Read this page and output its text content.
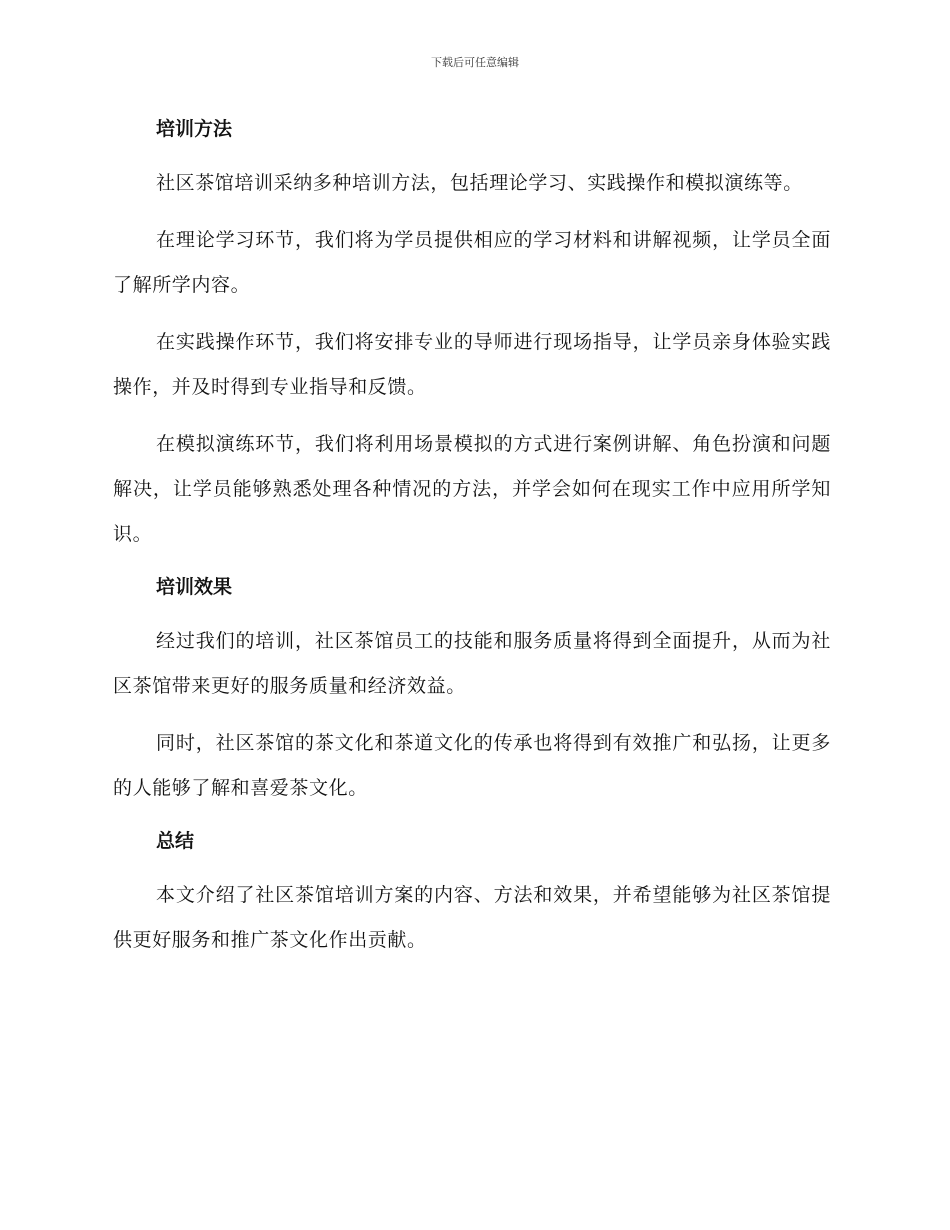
下载后可任意编辑
培训方法

社区茶馆培训采纳多种培训方法，包括理论学习、实践操作和模拟演练等。

在理论学习环节，我们将为学员提供相应的学习材料和讲解视频，让学员全面了解所学内容。

在实践操作环节，我们将安排专业的导师进行现场指导，让学员亲身体验实践操作，并及时得到专业指导和反馈。

在模拟演练环节，我们将利用场景模拟的方式进行案例讲解、角色扮演和问题解决，让学员能够熟悉处理各种情况的方法，并学会如何在现实工作中应用所学知识。

培训效果

经过我们的培训，社区茶馆员工的技能和服务质量将得到全面提升，从而为社区茶馆带来更好的服务质量和经济效益。

同时，社区茶馆的茶文化和茶道文化的传承也将得到有效推广和弘扬，让更多的人能够了解和喜爱茶文化。

总结

本文介绍了社区茶馆培训方案的内容、方法和效果，并希望能够为社区茶馆提供更好服务和推广茶文化作出贡献。
